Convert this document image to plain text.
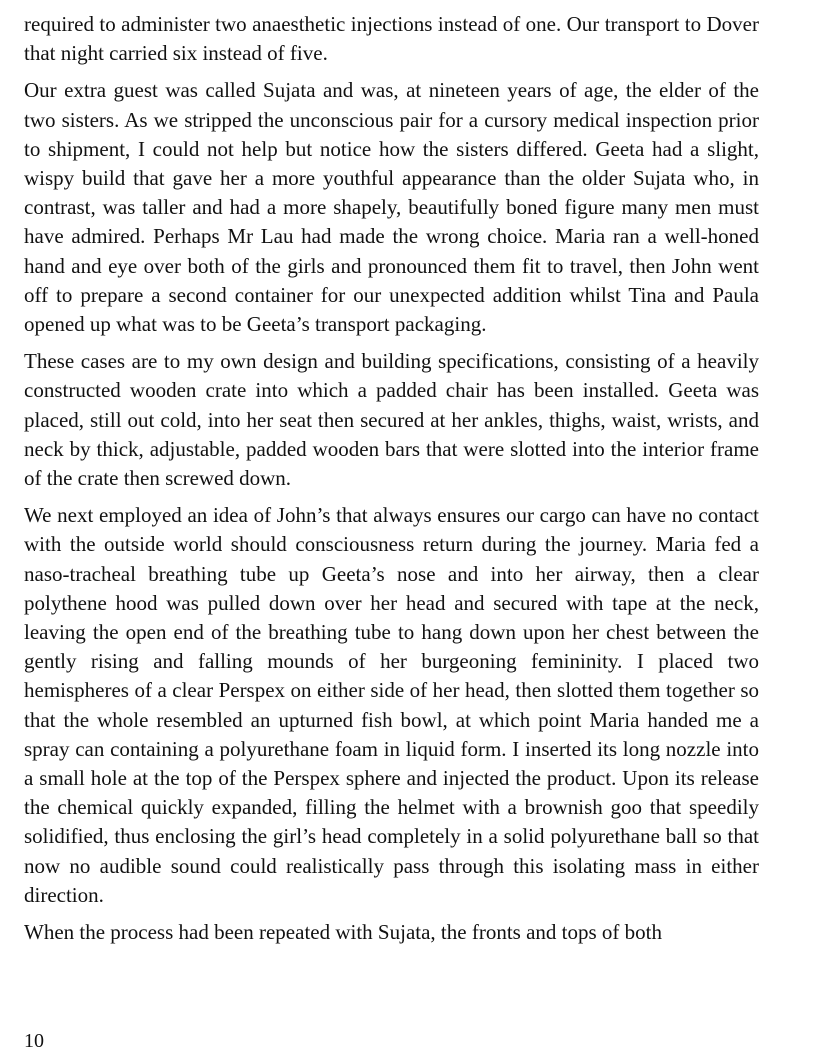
required to administer two anaesthetic injections instead of one. Our transport to Dover that night carried six instead of five.

Our extra guest was called Sujata and was, at nineteen years of age, the elder of the two sisters. As we stripped the unconscious pair for a cursory medical inspection prior to shipment, I could not help but notice how the sisters differed. Geeta had a slight, wispy build that gave her a more youthful appearance than the older Sujata who, in contrast, was taller and had a more shapely, beautifully boned figure many men must have admired. Perhaps Mr Lau had made the wrong choice. Maria ran a well-honed hand and eye over both of the girls and pronounced them fit to travel, then John went off to prepare a second container for our unexpected addition whilst Tina and Paula opened up what was to be Geeta’s transport packaging.

These cases are to my own design and building specifications, consisting of a heavily constructed wooden crate into which a padded chair has been installed. Geeta was placed, still out cold, into her seat then secured at her ankles, thighs, waist, wrists, and neck by thick, adjustable, padded wooden bars that were slotted into the interior frame of the crate then screwed down.

We next employed an idea of John’s that always ensures our cargo can have no contact with the outside world should consciousness return during the journey. Maria fed a naso-tracheal breathing tube up Geeta’s nose and into her airway, then a clear polythene hood was pulled down over her head and secured with tape at the neck, leaving the open end of the breathing tube to hang down upon her chest between the gently rising and falling mounds of her burgeoning femininity. I placed two hemispheres of a clear Perspex on either side of her head, then slotted them together so that the whole resembled an upturned fish bowl, at which point Maria handed me a spray can containing a polyurethane foam in liquid form. I inserted its long nozzle into a small hole at the top of the Perspex sphere and injected the product. Upon its release the chemical quickly expanded, filling the helmet with a brownish goo that speedily solidified, thus enclosing the girl’s head completely in a solid polyurethane ball so that now no audible sound could realistically pass through this isolating mass in either direction.

When the process had been repeated with Sujata, the fronts and tops of both

10
